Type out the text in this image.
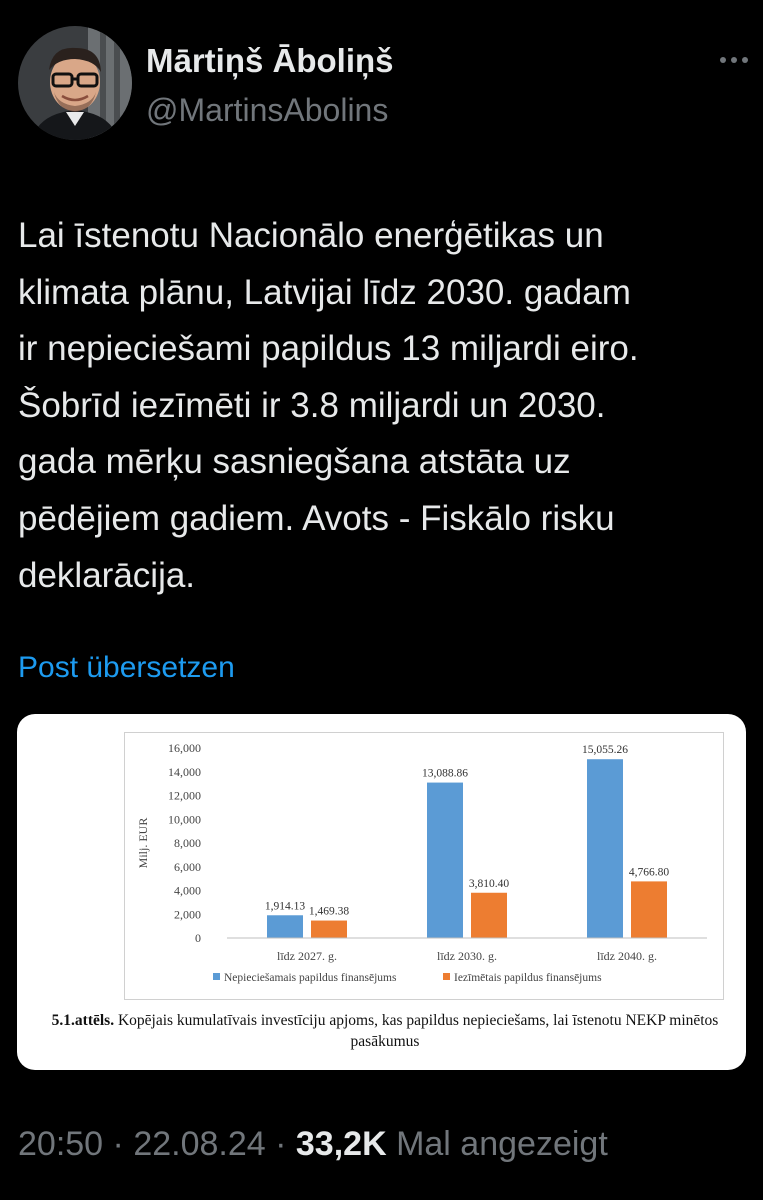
Mārtiņš Āboliņš
@MartinsAbolins

Lai īstenotu Nacionālo enerģētikas un
klimata plānu, Latvijai līdz 2030. gadam
ir nepieciešami papildus 13 miljardi eiro.
Šobrīd iezīmēti ir 3.8 miljardi un 2030.
gada mērķu sasniegšana atstāta uz
pēdējiem gadiem. Avots - Fiskālo risku
deklarācija.

Post übersetzen
0
2,000
4,000
6,000
8,000
10,000
12,000
14,000
16,000
Milj. EUR
1,914.13 1,469.38
13,088.86
3,810.40
15,055.26
4,766.80
līdz 2027. g.	līdz 2030. g.	līdz 2040. g.
Nepieciešamais papildus finansējums	Iezīmētais papildus finansējums
5.1.attēls. Kopējais kumulatīvais investīciju apjoms, kas papildus nepieciešams, lai īstenotu NEKP minētos pasākumus
20:50 · 22.08.24 · 33,2K Mal angezeigt
